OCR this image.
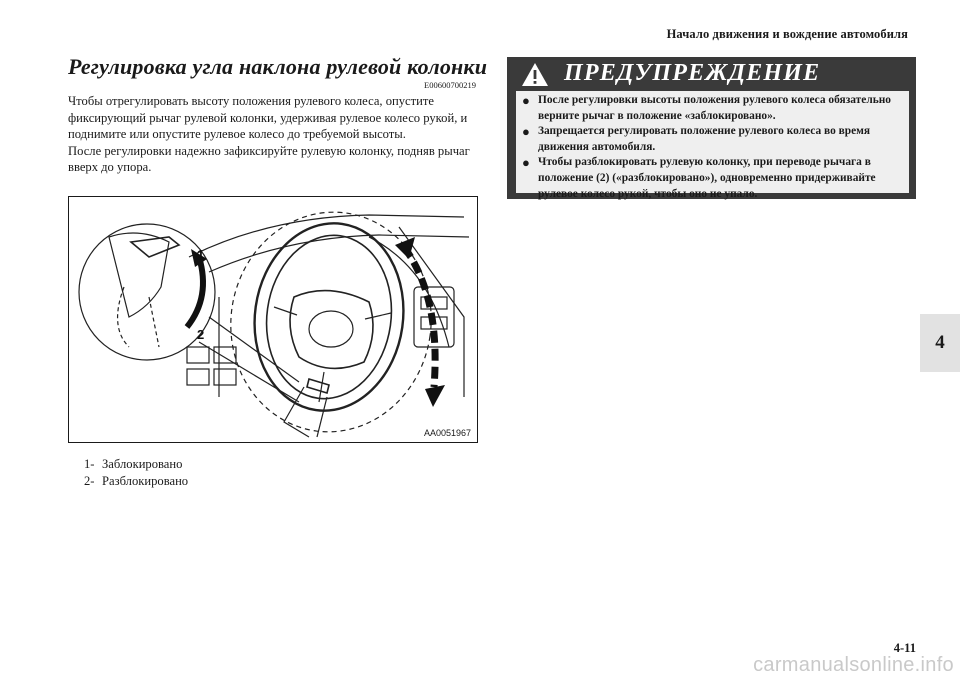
Начало движения и вождение автомобиля
Регулировка угла наклона рулевой колонки
E00600700219

Чтобы отрегулировать высоту положения рулевого колеса, опустите фиксирующий рычаг рулевой колонки, удерживая рулевое колесо рукой, и поднимите или опустите рулевое колесо до требуемой высоты.

После регулировки надежно зафиксируйте рулевую колонку, подняв рычаг вверх до упора.

1
2
AA0051967
1- Заблокировано
2- Разблокировано
ПРЕДУПРЕЖДЕНИЕ
● После регулировки высоты положения рулевого колеса обязательно верните рычаг в положение «заблокировано».
● Запрещается регулировать положение рулевого колеса во время движения автомобиля.
● Чтобы разблокировать рулевую колонку, при переводе рычага в положение (2) («разблокировано»), одновременно придерживайте рулевое колесо рукой, чтобы оно не упало.
4
4-11
carmanualsonline.info
